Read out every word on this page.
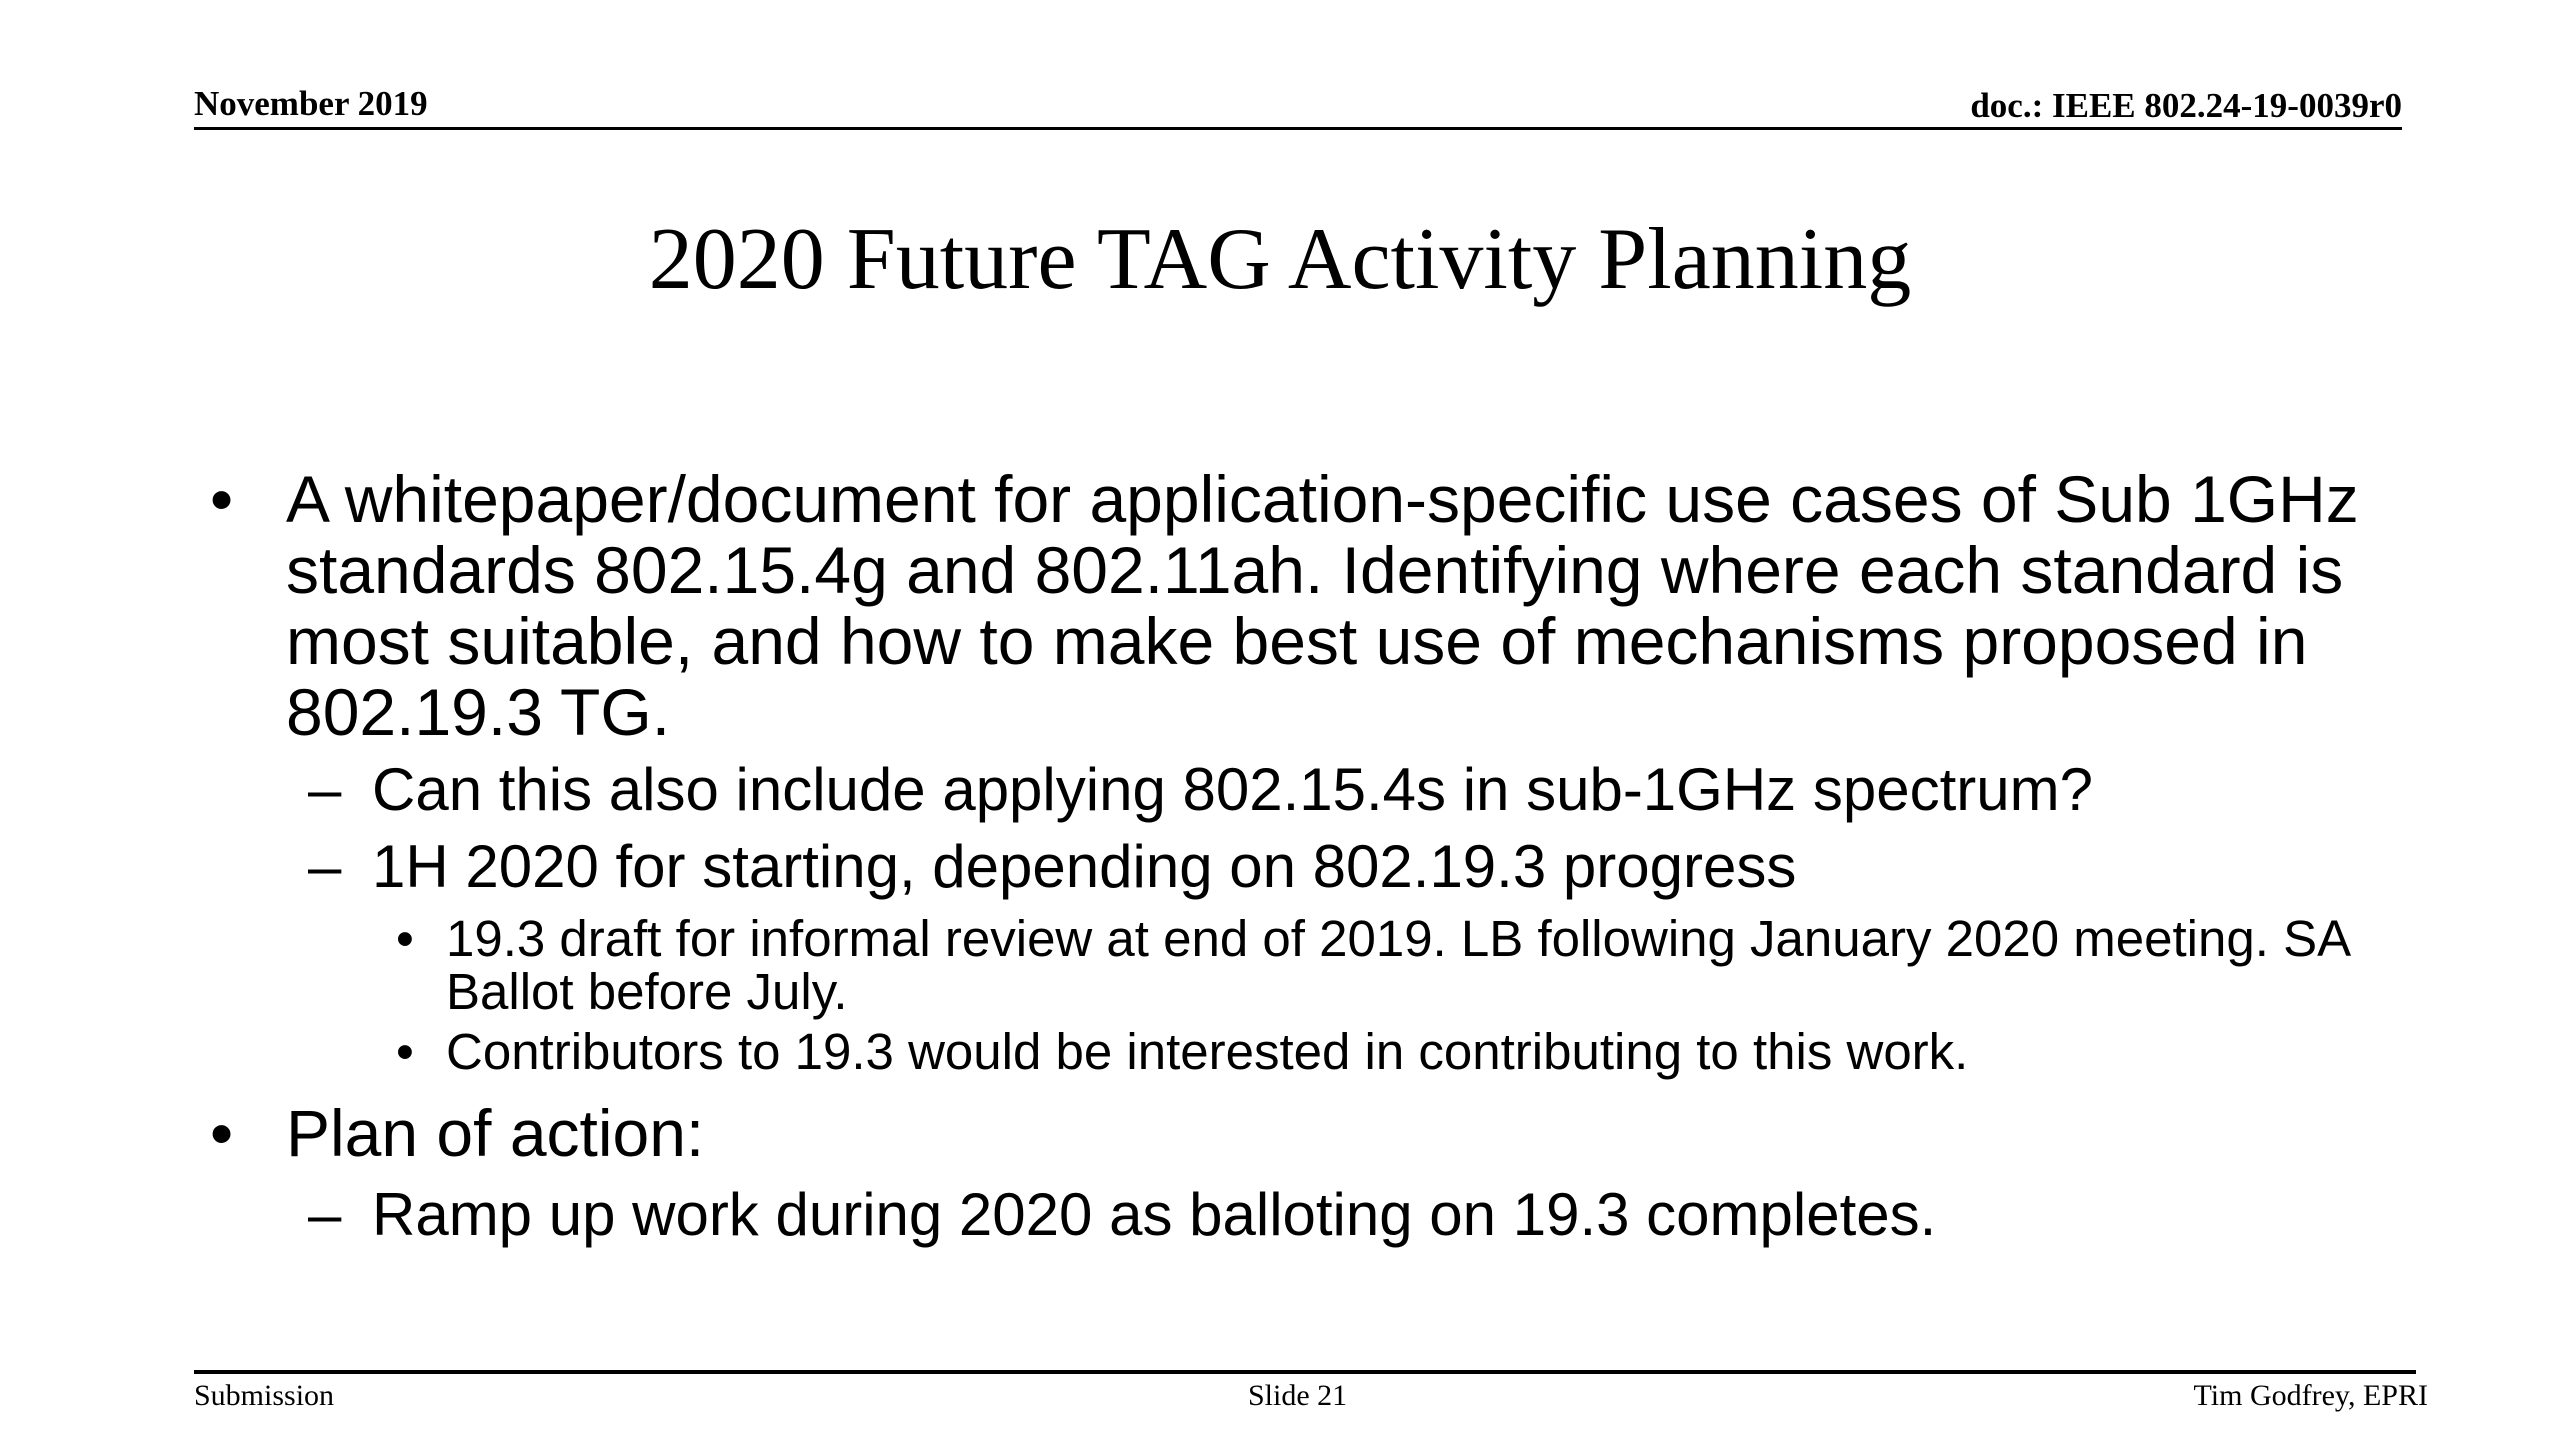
November 2019	doc.: IEEE 802.24-19-0039r0
2020 Future TAG Activity Planning
• A whitepaper/document for application-specific use cases of Sub 1GHz standards 802.15.4g and 802.11ah. Identifying where each standard is most suitable, and how to make best use of mechanisms proposed in 802.19.3 TG.
– Can this also include applying 802.15.4s in sub-1GHz spectrum?
– 1H 2020 for starting, depending on 802.19.3 progress
• 19.3 draft for informal review at end of 2019. LB following January 2020 meeting. SA Ballot before July.
• Contributors to 19.3 would be interested in contributing to this work.
• Plan of action:
– Ramp up work during 2020 as balloting on 19.3 completes.
Submission	Slide 21	Tim Godfrey, EPRI
